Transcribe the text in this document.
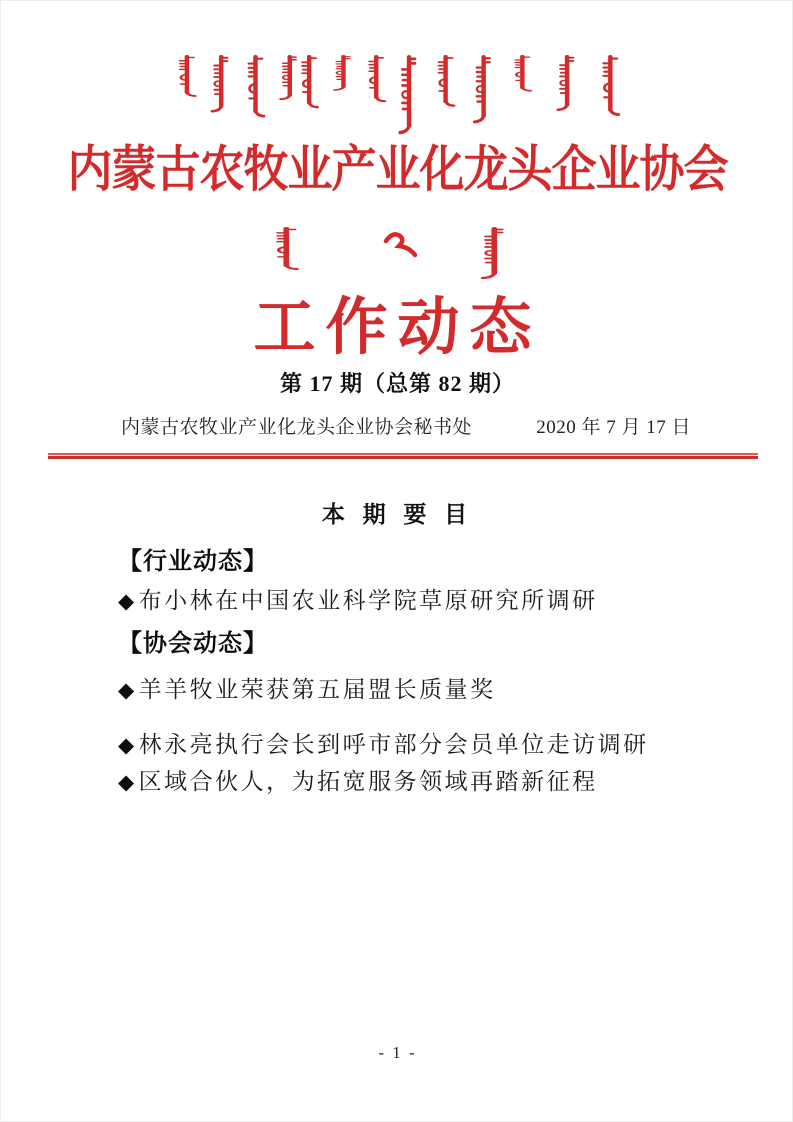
内蒙古农牧业产业化龙头企业协会
工作动态
第 17 期（总第 82 期）
内蒙古农牧业产业化龙头企业协会秘书处	2020 年 7 月 17 日
本 期 要 目
【行业动态】
◆布小林在中国农业科学院草原研究所调研
【协会动态】
◆羊羊牧业荣获第五届盟长质量奖
◆林永亮执行会长到呼市部分会员单位走访调研
◆区域合伙人，为拓宽服务领域再踏新征程
- 1 -
